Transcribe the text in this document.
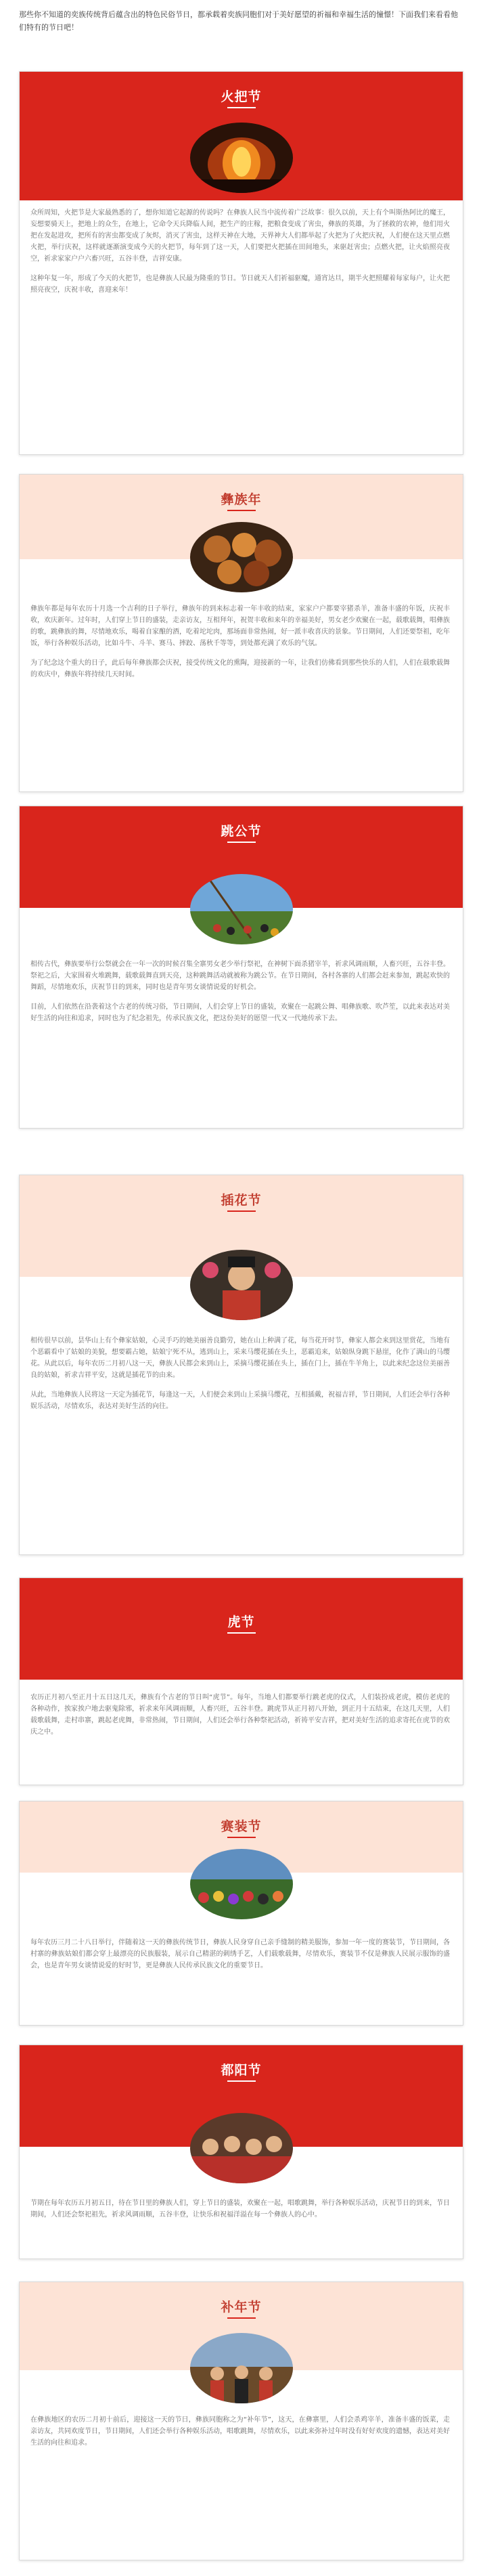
那些你不知道的奕族传统背后蕴含出的特色民俗节日，都承载着奕族同胞们对于美好愿望的祈福和幸福生活的憧憬！下面我们来看看他们特有的节日吧！
火把节

众所周知，火把节是大家最熟悉的了，想你知道它起源的传说吗？在彝族人民当中流传着广泛故事：很久以前，天上有个叫斯热阿比的魔王，妄想要骑天上，把地上的众生，在地上，它命令天兵降临人间，把生产的庄稼，把粮食变成了害虫，彝族的英雄，为了拯救的农神，他们用火把在发起进攻，把所有的害虫都变成了灰烬，消灭了害虫，这样天神在大地，天界神大人们都举起了火把为了火把庆祝，人们便在这天里点燃火把，举行庆祝，这样就逐渐演变成今天的火把节，每年到了这一天，人们要把火把插在田间地头，来驱赶害虫；点燃火把，让火焰照亮夜空，祈求家家户户六畜兴旺，五谷丰登，吉祥安康。

这种年复一年，形成了今天的火把节，也是彝族人民最为隆重的节日。节日就天人们祈福驱魔，通宵达旦，期半火把照耀着每家每户，让火把照亮夜空，庆祝丰收，喜迎来年！

彝族年

彝族年都是每年农历十月选一个吉利的日子举行，彝族年的到来标志着一年丰收的结束，家家户户都要宰猪杀羊，准备丰盛的年饭，庆祝丰收，欢庆新年。过年时，人们穿上节日的盛装，走亲访友，互相拜年，祝贺丰收和来年的幸福美好，男女老少欢聚在一起，载歌载舞，唱彝族的歌，跳彝族的舞，尽情地欢乐，喝着自家酿的酒，吃着坨坨肉，那场面非常热闹，好一派丰收喜庆的景象。节日期间，人们还要祭祖，吃年饭，举行各种娱乐活动，比如斗牛、斗羊、赛马、摔跤、荡秋千等等，到处都充满了欢乐的气氛。

为了纪念这个重大的日子，此后每年彝族都会庆祝，接受传统文化的熏陶，迎接新的一年，让我们仿佛看到那些快乐的人们，人们在载歌载舞的欢庆中，彝族年将持续几天时间。

跳公节

相传古代，彝族要举行公祭就会在一年一次的时候召集全寨男女老少举行祭祀，在神树下面杀猪宰羊，祈求风调雨顺，人畜兴旺，五谷丰登。祭祀之后，大家围着火堆跳舞，载歌载舞直到天亮，这种跳舞活动就被称为跳公节。在节日期间，各村各寨的人们都会赶来参加，跳起欢快的舞蹈，尽情地欢乐，庆祝节日的到来，同时也是青年男女谈情说爱的好机会。

目前，人们依然在沿袭着这个古老的传统习俗，节日期间，人们会穿上节日的盛装，欢聚在一起跳公舞、唱彝族歌、吹芦笙，以此来表达对美好生活的向往和追求，同时也为了纪念祖先，传承民族文化，把这份美好的愿望一代又一代地传承下去。

插花节

相传很早以前，昙华山上有个彝家姑娘，心灵手巧的她美丽善良勤劳，她在山上种满了花，每当花开时节，彝家人都会来到这里赏花，当地有个恶霸看中了姑娘的美貌，想要霸占她，姑娘宁死不从，逃到山上，采来马缨花插在头上，恶霸追来，姑娘纵身跳下悬崖，化作了满山的马缨花。从此以后，每年农历二月初八这一天，彝族人民都会来到山上，采摘马缨花插在头上，插在门上，插在牛羊角上，以此来纪念这位美丽善良的姑娘，祈求吉祥平安，这就是插花节的由来。

从此，当地彝族人民将这一天定为插花节，每逢这一天，人们便会来到山上采摘马缨花，互相插戴，祝福吉祥，节日期间，人们还会举行各种娱乐活动，尽情欢乐，表达对美好生活的向往。

虎节

农历正月初八至正月十五日这几天，彝族有个古老的节日叫“虎节”。每年，当地人们都要举行跳老虎的仪式，人们装扮成老虎，模仿老虎的各种动作，挨家挨户地去驱鬼除邪，祈求来年风调雨顺，人畜兴旺，五谷丰登。跳虎节从正月初八开始，到正月十五结束，在这几天里，人们载歌载舞，走村串寨，跳起老虎舞，非常热闹，节日期间，人们还会举行各种祭祀活动，祈祷平安吉祥，把对美好生活的追求寄托在虎节的欢庆之中。

赛装节

每年农历三月二十八日举行，伴随着这一天的彝族传统节日，彝族人民身穿自己亲手缝制的精美服饰，参加一年一度的赛装节，节日期间，各村寨的彝族姑娘们都会穿上最漂亮的民族服装，展示自己精湛的刺绣手艺，人们载歌载舞，尽情欢乐，赛装节不仅是彝族人民展示服饰的盛会，也是青年男女谈情说爱的好时节，更是彝族人民传承民族文化的重要节日。

都阳节

节期在每年农历五月初五日，待在节日里的彝族人们，穿上节日的盛装，欢聚在一起，唱歌跳舞，举行各种娱乐活动，庆祝节日的到来，节日期间，人们还会祭祀祖先，祈求风调雨顺，五谷丰登，让快乐和祝福洋溢在每一个彝族人的心中。

补年节

在彝族地区的农历二月初十前后，迎接这一天的节日，彝族同胞称之为“补年节”，这天，在彝寨里，人们会杀鸡宰羊，准备丰盛的饭菜，走亲访友，共同欢度节日，节日期间，人们还会举行各种娱乐活动，唱歌跳舞，尽情欢乐，以此来弥补过年时没有好好欢度的遗憾，表达对美好生活的向往和追求。
